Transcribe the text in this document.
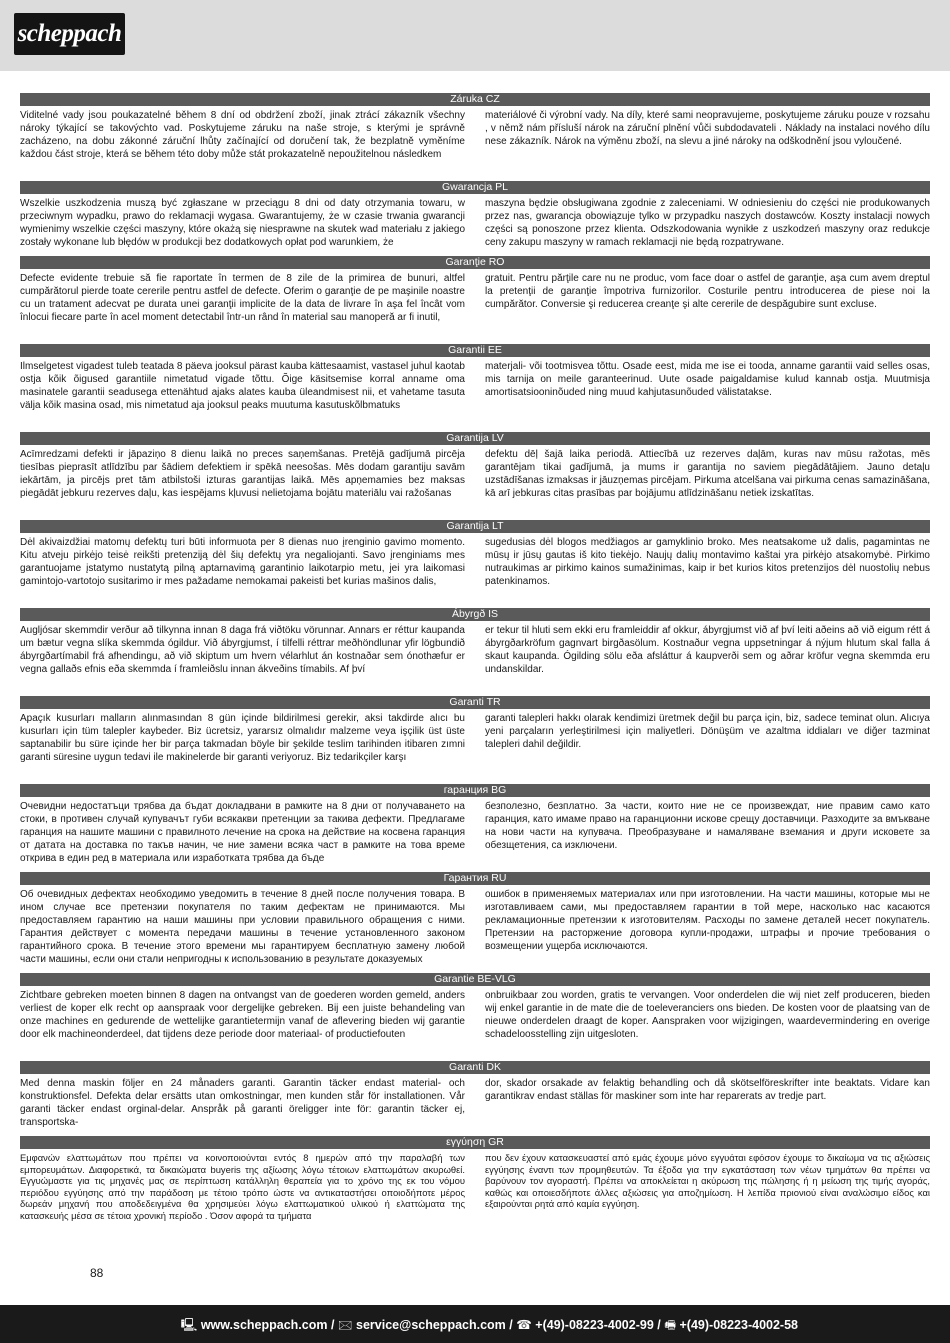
scheppach
Záruka CZ
Viditelné vady jsou poukazatelné během 8 dní od obdržení zboží, jinak ztrácí zákazník všechny nároky týkající se takovýchto vad. Poskytujeme záruku na naše stroje, s kterými je správně zacházeno, na dobu zákonné záruční lhůty začínající od doručení tak, že bezplatně vyměníme každou část stroje, která se během této doby může stát prokazatelně nepoužitelnou následkem
materiálové či výrobní vady. Na díly, které sami neopravujeme, poskytujeme záruku pouze v rozsahu , v němž nám přísluší nárok na záruční plnění vůči subdodavateli . Náklady na instalaci nového dílu nese zákazník. Nárok na výměnu zboží, na slevu a jiné nároky na odškodnění jsou vyloučené.
Gwarancja PL
Wszelkie uszkodzenia muszą być zgłaszane w przeciągu 8 dni od daty otrzymania towaru, w przeciwnym wypadku, prawo do reklamacji wygasa. Gwarantujemy, że w czasie trwania gwarancji wymienimy wszelkie części maszyny, które okażą się niesprawne na skutek wad materiału z jakiego zostały wykonane lub błędów w produkcji bez dodatkowych opłat pod warunkiem, że
maszyna będzie obsługiwana zgodnie z zaleceniami. W odniesieniu do części nie produkowanych przez nas, gwarancja obowiązuje tylko w przypadku naszych dostawców. Koszty instalacji nowych części są ponoszone przez klienta. Odszkodowania wynikłe z uszkodzeń maszyny oraz redukcje ceny zakupu maszyny w ramach reklamacji nie będą rozpatrywane.
Garanţie RO
Defecte evidente trebuie să fie raportate în termen de 8 zile de la primirea de bunuri, altfel cumpărătorul pierde toate cererile pentru astfel de defecte. Oferim o garanţie de pe maşinile noastre cu un tratament adecvat pe durata unei garanţii implicite de la data de livrare în aşa fel încât vom înlocui fiecare parte în acel moment detectabil într-un rând în material sau manoperă ar fi inutil,
gratuit. Pentru părţile care nu ne produc, vom face doar o astfel de garanţie, aşa cum avem dreptul la pretenţii de garanţie împotriva furnizorilor. Costurile pentru introducerea de piese noi la cumpărător. Conversie şi reducerea creanţe şi alte cererile de despăgubire sunt excluse.
Garantii EE
Ilmselgetest vigadest tuleb teatada 8 päeva jooksul pärast kauba kättesaamist, vastasel juhul kaotab ostja kõik õigused garantiile nimetatud vigade tõttu. Õige käsitsemise korral anname oma masinatele garantii seadusega ettenähtud ajaks alates kauba üleandmisest nii, et vahetame tasuta välja kõik masina osad, mis nimetatud aja jooksul peaks muutuma kasutuskõlbmatuks
materjali- või tootmisvea tõttu. Osade eest, mida me ise ei tooda, anname garantii vaid selles osas, mis tarnija on meile garanteerinud. Uute osade paigaldamise kulud kannab ostja. Muutmisja amortisatsiooninõuded ning muud kahjutasunõuded välistatakse.
Garantija LV
Acīmredzami defekti ir jāpaziņo 8 dienu laikā no preces saņemšanas. Pretējā gadījumā pircēja tiesības pieprasīt atlīdzību par šādiem defektiem ir spēkā neesošas. Mēs dodam garantiju savām iekārtām, ja pircējs pret tām atbilstoši izturas garantijas laikā. Mēs apņemamies bez maksas piegādāt jebkuru rezerves daļu, kas iespējams kļuvusi nelietojama bojātu materiālu vai ražošanas
defektu dēļ šajā laika periodā. Attiecībā uz rezerves daļām, kuras nav mūsu ražotas, mēs garantējam tikai gadījumā, ja mums ir garantija no saviem piegādātājiem. Jauno detaļu uzstādīšanas izmaksas ir jāuzņemas pircējam. Pirkuma atcelšana vai pirkuma cenas samazināšana, kā arī jebkuras citas prasības par bojājumu atlīdzināšanu netiek izskatītas.
Garantija LT
Dėl akivaizdžiai matomų defektų turi būti informuota per 8 dienas nuo įrenginio gavimo momento. Kitu atveju pirkėjo teisė reikšti pretenziją dėl šių defektų yra negaliojanti. Savo įrenginiams mes garantuojame įstatymo nustatytą pilną aptarnavimą garantinio laikotarpio metu, jei yra laikomasi gamintojo-vartotojo susitarimo ir mes pažadame nemokamai pakeisti bet kurias mašinos dalis,
sugedusias dėl blogos medžiagos ar gamyklinio broko. Mes neatsakome už dalis, pagamintas ne mūsų ir jūsų gautas iš kito tiekėjo. Naujų dalių montavimo kaštai yra pirkėjo atsakomybė. Pirkimo nutraukimas ar pirkimo kainos sumažinimas, kaip ir bet kurios kitos pretenzijos dėl nuostolių nebus patenkinamos.
Ábyrgð IS
Augljósar skemmdir verður að tilkynna innan 8 daga frá viðtöku vörunnar. Annars er réttur kaupanda um bætur vegna slíka skemmda ógildur. Við ábyrgjumst, í tilfelli réttrar meðhöndlunar yfir lögbundið ábyrgðartímabil frá afhendingu, að við skiptum um hvern vélarhlut án kostnaðar sem ónothæfur er vegna gallaðs efnis eða skemmda í framleiðslu innan ákveðins tímabils. Af því
er tekur til hluti sem ekki eru framleiddir af okkur, ábyrgjumst við af því leiti aðeins að við eigum rétt á ábyrgðarkröfum gagnvart birgðasölum. Kostnaður vegna uppsetningar á nýjum hlutum skal falla á skaut kaupanda. Ógilding sölu eða afsláttur á kaupverði sem og aðrar kröfur vegna skemmda eru undanskildar.
Garanti TR
Apaçık kusurları malların alınmasından 8 gün içinde bildirilmesi gerekir, aksi takdirde alıcı bu kusurları için tüm talepler kaybeder. Biz ücretsiz, yararsız olmalıdır malzeme veya işçilik üst üste saptanabilir bu süre içinde her bir parça takmadan böyle bir şekilde teslim tarihinden itibaren zımni garanti süresine uygun tedavi ile makinelerde bir garanti veriyoruz. Biz tedarikçiler karşı
garanti talepleri hakkı olarak kendimizi üretmek değil bu parça için, biz, sadece teminat olun. Alıcıya yeni parçaların yerleştirilmesi için maliyetleri. Dönüşüm ve azaltma iddiaları ve diğer tazminat talepleri dahil değildir.
гаранция BG
Очевидни недостатъци трябва да бъдат докладвани в рамките на 8 дни от получаването на стоки, в противен случай купувачът губи всякакви претенции за такива дефекти. Предлагаме гаранция на нашите машини с правилното лечение на срока на действие на косвена гаранция от датата на доставка по такъв начин, че ние замени всяка част в рамките на това време открива в един ред в материала или изработката трябва да бъде
безполезно, безплатно. За части, които ние не се произвеждат, ние правим само като гаранция, като имаме право на гаранционни искове срещу доставчици. Разходите за вмъкване на нови части на купувача. Преобразуване и намаляване вземания и други исковете за обезщетения, са изключени.
Гарантия RU
Об очевидных дефектах необходимо уведомить в течение 8 дней после получения товара. В ином случае все претензии покупателя по таким дефектам не принимаются. Мы предоставляем гарантию на наши машины при условии правильного обращения с ними. Гарантия действует с момента передачи машины в течение установленного законом гарантийного срока. В течение этого времени мы гарантируем бесплатную замену любой части машины, если они стали непригодны к использованию в результате доказуемых
ошибок в применяемых материалах или при изготовлении. На части машины, которые мы не изготавливаем сами, мы предоставляем гарантии в той мере, насколько нас касаются рекламационные претензии к изготовителям. Расходы по замене деталей несет покупатель. Претензии на расторжение договора купли-продажи, штрафы и прочие требования о возмещении ущерба исключаются.
Garantie BE-VLG
Zichtbare gebreken moeten binnen 8 dagen na ontvangst van de goederen worden gemeld, anders verliest de koper elk recht op aanspraak voor dergelijke gebreken. Bij een juiste behandeling van onze machines en gedurende de wettelijke garantietermijn vanaf de aflevering bieden wij garantie door elk machineonderdeel, dat tijdens deze periode door materiaal- of productiefouten
onbruikbaar zou worden, gratis te vervangen. Voor onderdelen die wij niet zelf produceren, bieden wij enkel garantie in de mate die de toeleveranciers ons bieden. De kosten voor de plaatsing van de nieuwe onderdelen draagt de koper. Aanspraken voor wijzigingen, waardevermindering en overige schadeloosstelling zijn uitgesloten.
Garanti DK
Med denna maskin följer en 24 månaders garanti. Garantin täcker endast material- och konstruktionsfel. Defekta delar ersätts utan omkostningar, men kunden står för installationen. Vår garanti täcker endast orginal-delar. Anspråk på garanti öreligger inte för: garantin täcker ej, transportska-
dor, skador orsakade av felaktig behandling och då skötselföreskrifter inte beaktats. Vidare kan garantikrav endast ställas för maskiner som inte har reparerats av tredje part.
εγγύηση GR
Εμφανών ελαττωμάτων που πρέπει να κοινοποιούνται εντός 8 ημερών από την παραλαβή των εμπορευμάτων. Διαφορετικά, τα δικαιώματα buyeris της αξίωσης λόγω τέτοιων ελαττωμάτων ακυρωθεί. Εγγυώμαστε για τις μηχανές μας σε περίπτωση κατάλληλη θεραπεία για το χρόνο της εκ του νόμου περιόδου εγγύησης από την παράδοση με τέτοιο τρόπο ώστε να αντικαταστήσει οποιοδήποτε μέρος δωρεάν μηχανή που αποδεδειγμένα θα χρησιμεύει λόγω ελαττωματικού υλικού ή ελαττώματα της κατασκευής μέσα σε τέτοια χρονική περίοδο . Όσον αφορά τα τμήματα
που δεν έχουν κατασκευαστεί από εμάς έχουμε μόνο εγγυάται εφόσον έχουμε το δικαίωμα να τις αξιώσεις εγγύησης έναντι των προμηθευτών. Τα έξοδα για την εγκατάσταση των νέων τμημάτων θα πρέπει να βαρύνουν τον αγοραστή. Πρέπει να αποκλείεται η ακύρωση της πώλησης ή η μείωση της τιμής αγοράς, καθώς και οποιεσδήποτε άλλες αξιώσεις για αποζημίωση. Η λεπίδα πριονιού είναι αναλώσιμο είδος και εξαιρούνται ρητά από καμία εγγύηση.
88
🖳 www.scheppach.com / 🖂 service@scheppach.com / ☎ +(49)-08223-4002-99 / 🖷 +(49)-08223-4002-58
